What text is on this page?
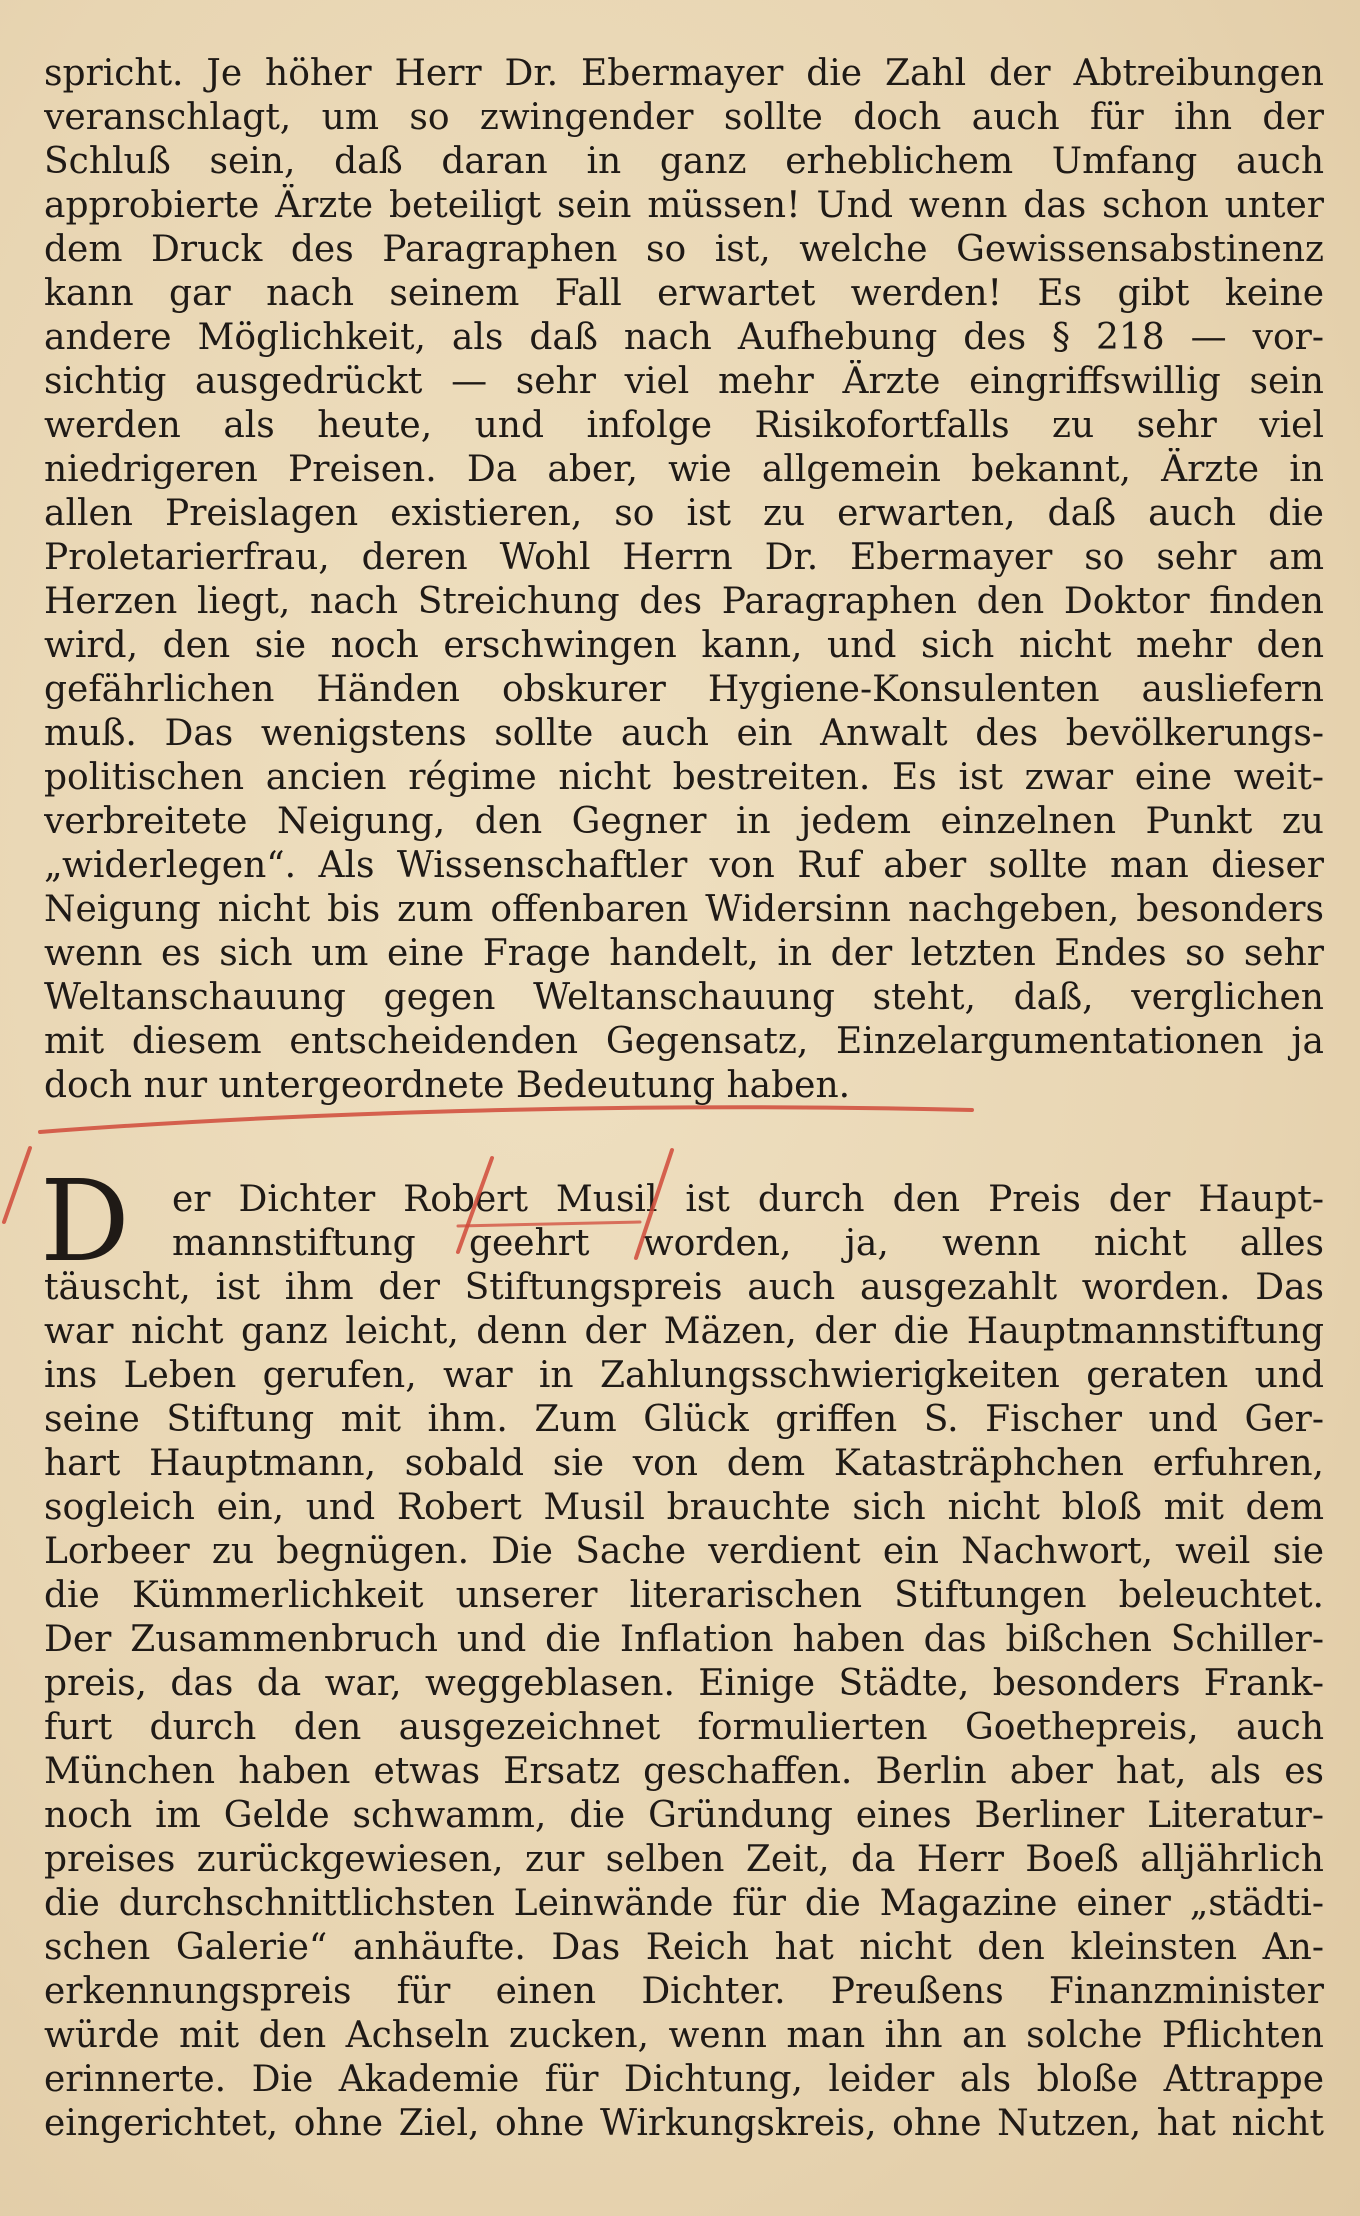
spricht. Je höher Herr Dr. Ebermayer die Zahl der Abtreibungen
veranschlagt, um so zwingender sollte doch auch für ihn der
Schluß sein, daß daran in ganz erheblichem Umfang auch
approbierte Ärzte beteiligt sein müssen! Und wenn das schon unter
dem Druck des Paragraphen so ist, welche Gewissensabstinenz
kann gar nach seinem Fall erwartet werden! Es gibt keine
andere Möglichkeit, als daß nach Aufhebung des § 218 — vor-
sichtig ausgedrückt — sehr viel mehr Ärzte eingriffswillig sein
werden als heute, und infolge Risikofortfalls zu sehr viel
niedrigeren Preisen. Da aber, wie allgemein bekannt, Ärzte in
allen Preislagen existieren, so ist zu erwarten, daß auch die
Proletarierfrau, deren Wohl Herrn Dr. Ebermayer so sehr am
Herzen liegt, nach Streichung des Paragraphen den Doktor finden
wird, den sie noch erschwingen kann, und sich nicht mehr den
gefährlichen Händen obskurer Hygiene-Konsulenten ausliefern
muß. Das wenigstens sollte auch ein Anwalt des bevölkerungs-
politischen ancien régime nicht bestreiten. Es ist zwar eine weit-
verbreitete Neigung, den Gegner in jedem einzelnen Punkt zu
„widerlegen“. Als Wissenschaftler von Ruf aber sollte man dieser
Neigung nicht bis zum offenbaren Widersinn nachgeben, besonders
wenn es sich um eine Frage handelt, in der letzten Endes so sehr
Weltanschauung gegen Weltanschauung steht, daß, verglichen
mit diesem entscheidenden Gegensatz, Einzelargumentationen ja
doch nur untergeordnete Bedeutung haben.
D er Dichter Robert Musil ist durch den Preis der Haupt-
mannstiftung geehrt worden, ja, wenn nicht alles
täuscht, ist ihm der Stiftungspreis auch ausgezahlt worden. Das
war nicht ganz leicht, denn der Mäzen, der die Hauptmannstiftung
ins Leben gerufen, war in Zahlungsschwierigkeiten geraten und
seine Stiftung mit ihm. Zum Glück griffen S. Fischer und Ger-
hart Hauptmann, sobald sie von dem Katasträphchen erfuhren,
sogleich ein, und Robert Musil brauchte sich nicht bloß mit dem
Lorbeer zu begnügen. Die Sache verdient ein Nachwort, weil sie
die Kümmerlichkeit unserer literarischen Stiftungen beleuchtet.
Der Zusammenbruch und die Inflation haben das bißchen Schiller-
preis, das da war, weggeblasen. Einige Städte, besonders Frank-
furt durch den ausgezeichnet formulierten Goethepreis, auch
München haben etwas Ersatz geschaffen. Berlin aber hat, als es
noch im Gelde schwamm, die Gründung eines Berliner Literatur-
preises zurückgewiesen, zur selben Zeit, da Herr Boeß alljährlich
die durchschnittlichsten Leinwände für die Magazine einer „städti-
schen Galerie“ anhäufte. Das Reich hat nicht den kleinsten An-
erkennungspreis für einen Dichter. Preußens Finanzminister
würde mit den Achseln zucken, wenn man ihn an solche Pflichten
erinnerte. Die Akademie für Dichtung, leider als bloße Attrappe
eingerichtet, ohne Ziel, ohne Wirkungskreis, ohne Nutzen, hat nicht
